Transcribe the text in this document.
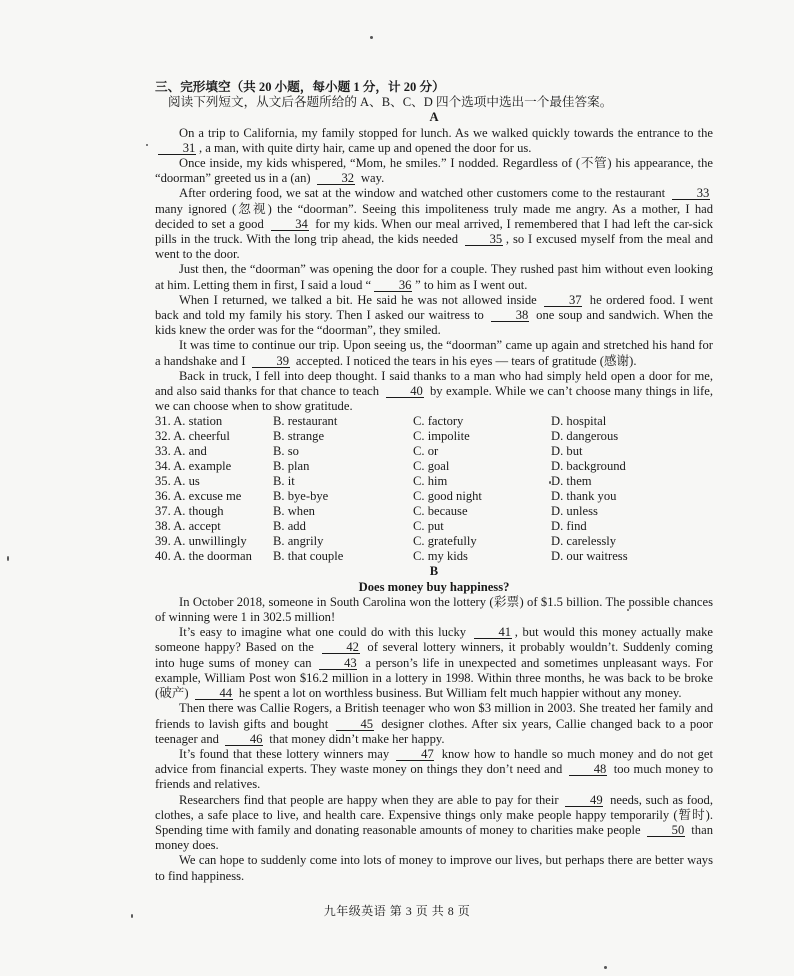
三、完形填空（共 20 小题，每小题 1 分，计 20 分）
阅读下列短文，从文后各题所给的 A、B、C、D 四个选项中选出一个最佳答案。
A

On a trip to California, my family stopped for lunch. As we walked quickly towards the entrance to the 31 , a man, with quite dirty hair, came up and opened the door for us.

Once inside, my kids whispered, “Mom, he smiles.” I nodded. Regardless of (不管) his appearance, the “doorman” greeted us in a (an) 32 way.

After ordering food, we sat at the window and watched other customers come to the restaurant 33 many ignored (忽视) the “doorman”. Seeing this impoliteness truly made me angry. As a mother, I had decided to set a good 34 for my kids. When our meal arrived, I remembered that I had left the car-sick pills in the truck. With the long trip ahead, the kids needed 35 , so I excused myself from the meal and went to the door.

Just then, the “doorman” was opening the door for a couple. They rushed past him without even looking at him. Letting them in first, I said a loud “ 36 ” to him as I went out.

When I returned, we talked a bit. He said he was not allowed inside 37 he ordered food. I went back and told my family his story. Then I asked our waitress to 38 one soup and sandwich. When the kids knew the order was for the “doorman”, they smiled.

It was time to continue our trip. Upon seeing us, the “doorman” came up again and stretched his hand for a handshake and I 39 accepted. I noticed the tears in his eyes — tears of gratitude (感谢).

Back in truck, I fell into deep thought. I said thanks to a man who had simply held open a door for me, and also said thanks for that chance to teach 40 by example. While we can’t choose many things in life, we can choose when to show gratitude.

31. A. station	B. restaurant	C. factory	D. hospital
32. A. cheerful	B. strange	C. impolite	D. dangerous
33. A. and	B. so	C. or	D. but
34. A. example	B. plan	C. goal	D. background
35. A. us	B. it	C. him	D. them
36. A. excuse me	B. bye-bye	C. good night	D. thank you
37. A. though	B. when	C. because	D. unless
38. A. accept	B. add	C. put	D. find
39. A. unwillingly	B. angrily	C. gratefully	D. carelessly
40. A. the doorman	B. that couple	C. my kids	D. our waitress
B
Does money buy happiness?

In October 2018, someone in South Carolina won the lottery (彩票) of $1.5 billion. The possible chances of winning were 1 in 302.5 million!

It’s easy to imagine what one could do with this lucky 41 , but would this money actually make someone happy? Based on the 42 of several lottery winners, it probably wouldn’t. Suddenly coming into huge sums of money can 43 a person’s life in unexpected and sometimes unpleasant ways. For example, William Post won $16.2 million in a lottery in 1998. Within three months, he was back to be broke (破产) 44 he spent a lot on worthless business. But William felt much happier without any money.

Then there was Callie Rogers, a British teenager who won $3 million in 2003. She treated her family and friends to lavish gifts and bought 45 designer clothes. After six years, Callie changed back to a poor teenager and 46 that money didn’t make her happy.

It’s found that these lottery winners may 47 know how to handle so much money and do not get advice from financial experts. They waste money on things they don’t need and 48 too much money to friends and relatives.

Researchers find that people are happy when they are able to pay for their 49 needs, such as food, clothes, a safe place to live, and health care. Expensive things only make people happy temporarily (暂时). Spending time with family and donating reasonable amounts of money to charities make people 50 than money does.

We can hope to suddenly come into lots of money to improve our lives, but perhaps there are better ways to find happiness.

九年级英语 第 3 页 共 8 页
